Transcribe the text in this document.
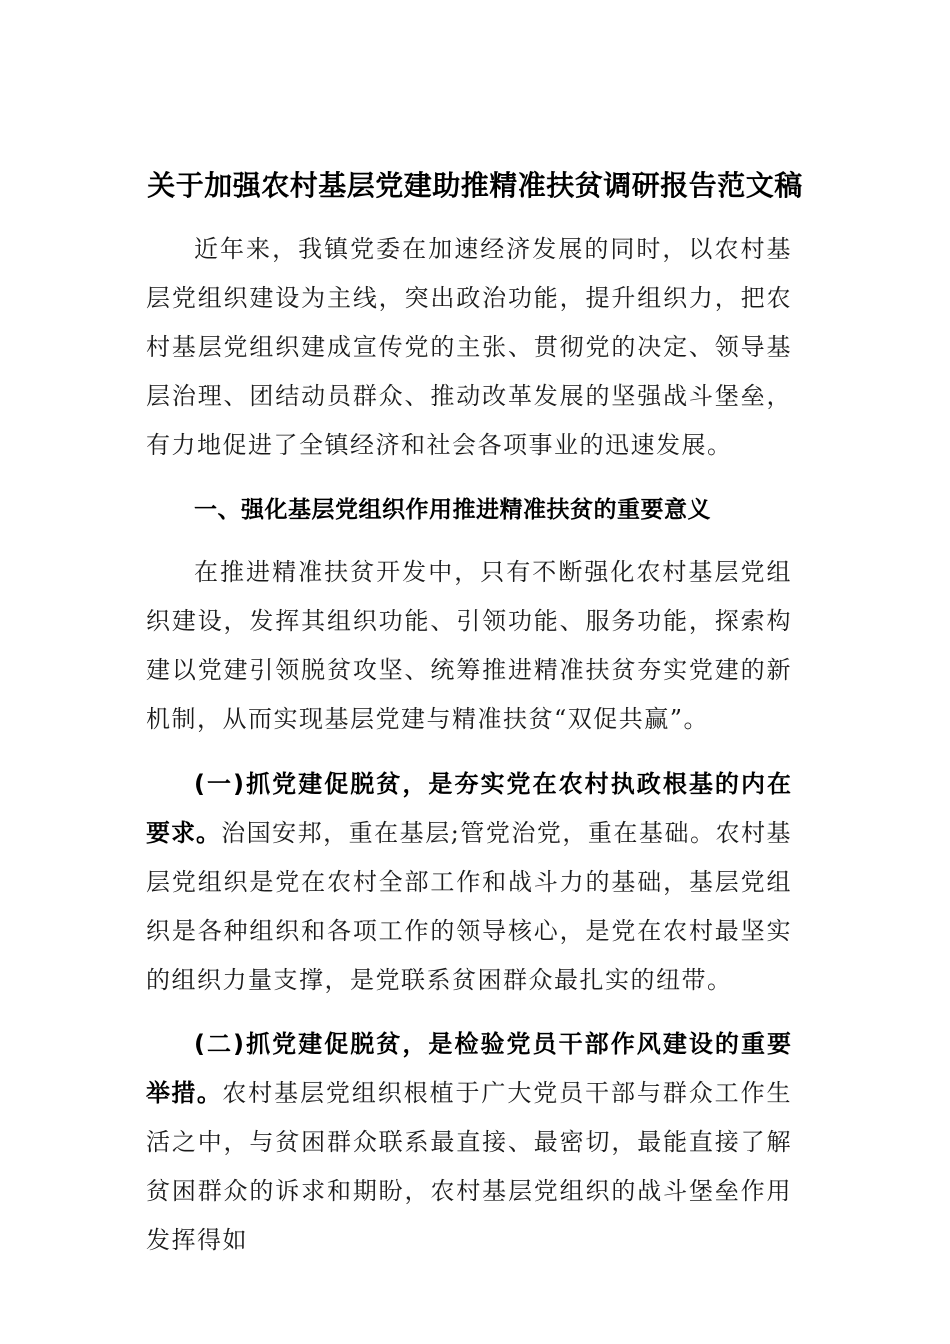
关于加强农村基层党建助推精准扶贫调研报告范文稿

近年来，我镇党委在加速经济发展的同时，以农村基层党组织建设为主线，突出政治功能，提升组织力，把农村基层党组织建成宣传党的主张、贯彻党的决定、领导基层治理、团结动员群众、推动改革发展的坚强战斗堡垒，有力地促进了全镇经济和社会各项事业的迅速发展。

一、强化基层党组织作用推进精准扶贫的重要意义

在推进精准扶贫开发中，只有不断强化农村基层党组织建设，发挥其组织功能、引领功能、服务功能，探索构建以党建引领脱贫攻坚、统筹推进精准扶贫夯实党建的新机制，从而实现基层党建与精准扶贫“双促共赢”。

(一)抓党建促脱贫，是夯实党在农村执政根基的内在要求。治国安邦，重在基层;管党治党，重在基础。农村基层党组织是党在农村全部工作和战斗力的基础，基层党组织是各种组织和各项工作的领导核心，是党在农村最坚实的组织力量支撑，是党联系贫困群众最扎实的纽带。

(二)抓党建促脱贫，是检验党员干部作风建设的重要举措。农村基层党组织根植于广大党员干部与群众工作生活之中，与贫困群众联系最直接、最密切，最能直接了解贫困群众的诉求和期盼，农村基层党组织的战斗堡垒作用发挥得如
